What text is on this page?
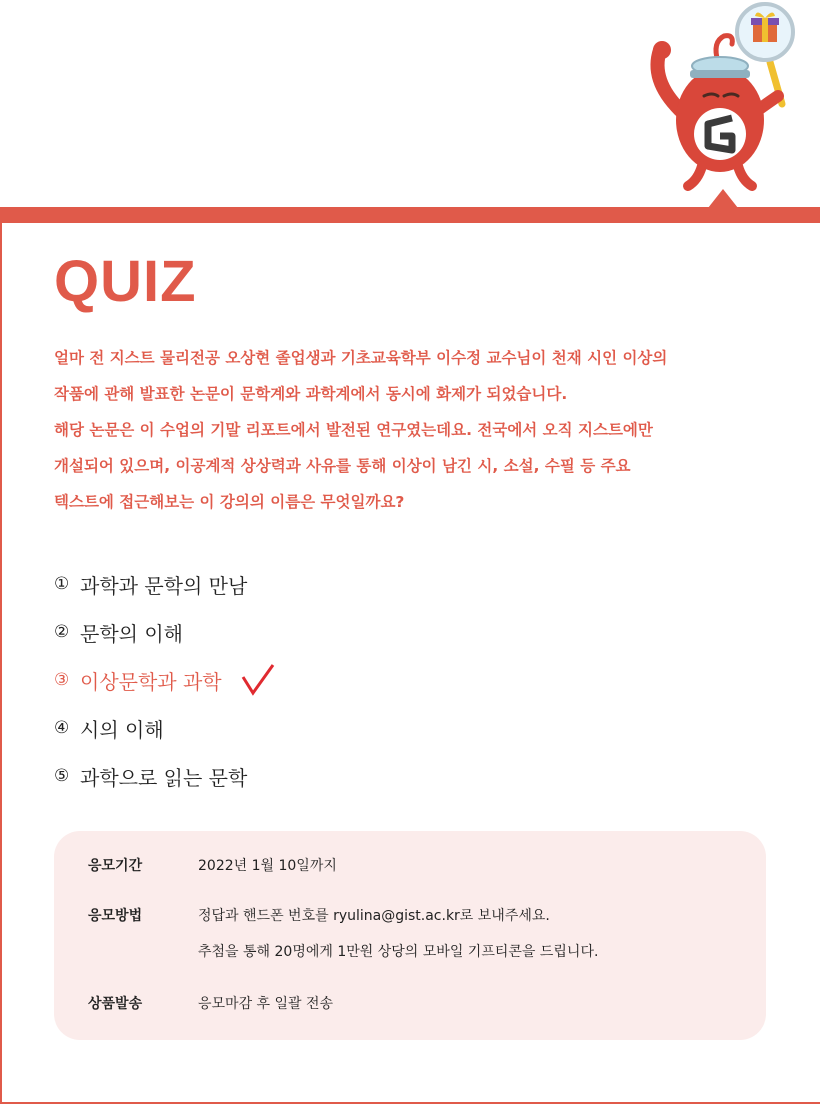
QUIZ
얼마 전 지스트 물리전공 오상현 졸업생과 기초교육학부 이수정 교수님이 천재 시인 이상의
작품에 관해 발표한 논문이 문학계와 과학계에서 동시에 화제가 되었습니다.
해당 논문은 이 수업의 기말 리포트에서 발전된 연구였는데요. 전국에서 오직 지스트에만
개설되어 있으며, 이공계적 상상력과 사유를 통해 이상이 남긴 시, 소설, 수필 등 주요
텍스트에 접근해보는 이 강의의 이름은 무엇일까요?
① 과학과 문학의 만남
② 문학의 이해
③ 이상문학과 과학
④ 시의 이해
⑤ 과학으로 읽는 문학
응모기간	2022년 1월 10일까지
응모방법	정답과 핸드폰 번호를 ryulina@gist.ac.kr로 보내주세요.
추첨을 통해 20명에게 1만원 상당의 모바일 기프티콘을 드립니다.
상품발송	응모마감 후 일괄 전송
